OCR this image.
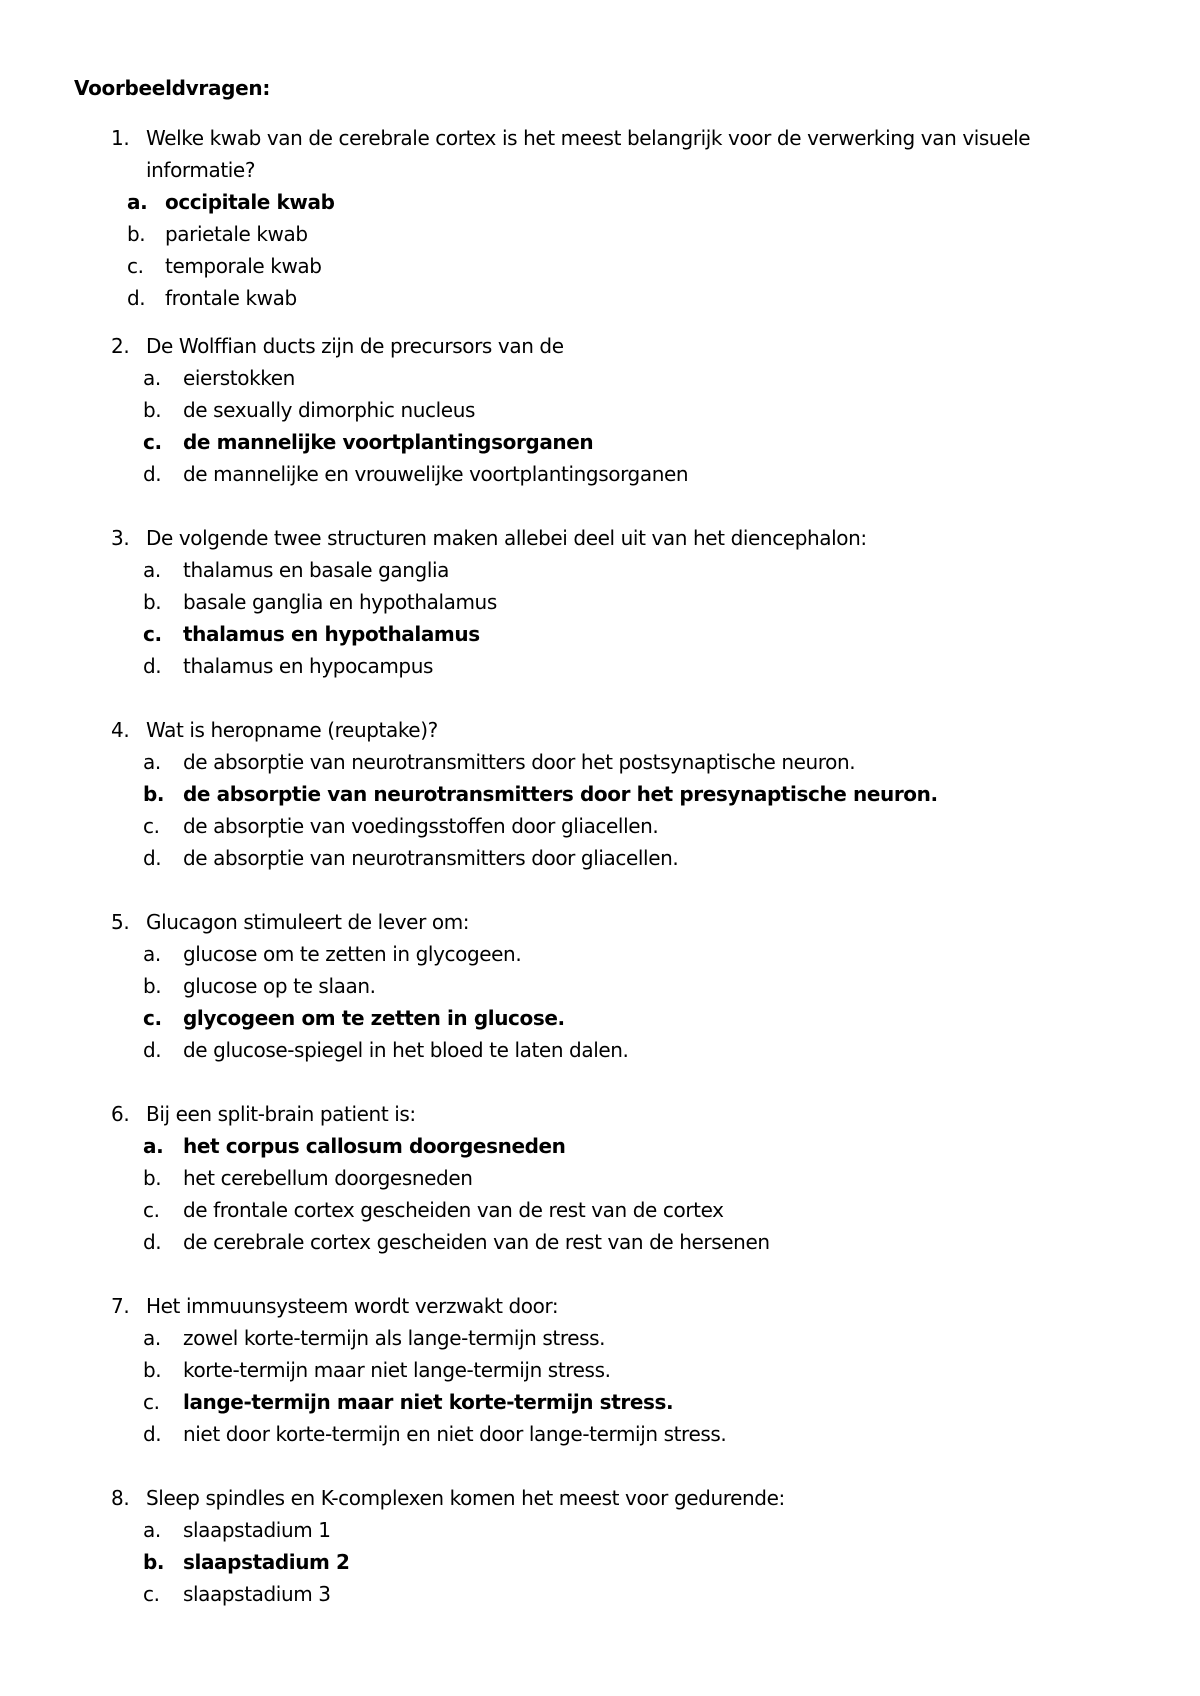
Voorbeeldvragen:
1. Welke kwab van de cerebrale cortex is het meest belangrijk voor de verwerking van visuele
informatie?
a. occipitale kwab
b. parietale kwab
c. temporale kwab
d. frontale kwab
2. De Wolffian ducts zijn de precursors van de
a. eierstokken
b. de sexually dimorphic nucleus
c. de mannelijke voortplantingsorganen
d. de mannelijke en vrouwelijke voortplantingsorganen
3. De volgende twee structuren maken allebei deel uit van het diencephalon:
a. thalamus en basale ganglia
b. basale ganglia en hypothalamus
c. thalamus en hypothalamus
d. thalamus en hypocampus
4. Wat is heropname (reuptake)?
a. de absorptie van neurotransmitters door het postsynaptische neuron.
b. de absorptie van neurotransmitters door het presynaptische neuron.
c. de absorptie van voedingsstoffen door gliacellen.
d. de absorptie van neurotransmitters door gliacellen.
5. Glucagon stimuleert de lever om:
a. glucose om te zetten in glycogeen.
b. glucose op te slaan.
c. glycogeen om te zetten in glucose.
d. de glucose-spiegel in het bloed te laten dalen.
6. Bij een split-brain patient is:
a. het corpus callosum doorgesneden
b. het cerebellum doorgesneden
c. de frontale cortex gescheiden van de rest van de cortex
d. de cerebrale cortex gescheiden van de rest van de hersenen
7. Het immuunsysteem wordt verzwakt door:
a. zowel korte-termijn als lange-termijn stress.
b. korte-termijn maar niet lange-termijn stress.
c. lange-termijn maar niet korte-termijn stress.
d. niet door korte-termijn en niet door lange-termijn stress.
8. Sleep spindles en K-complexen komen het meest voor gedurende:
a. slaapstadium 1
b. slaapstadium 2
c. slaapstadium 3
